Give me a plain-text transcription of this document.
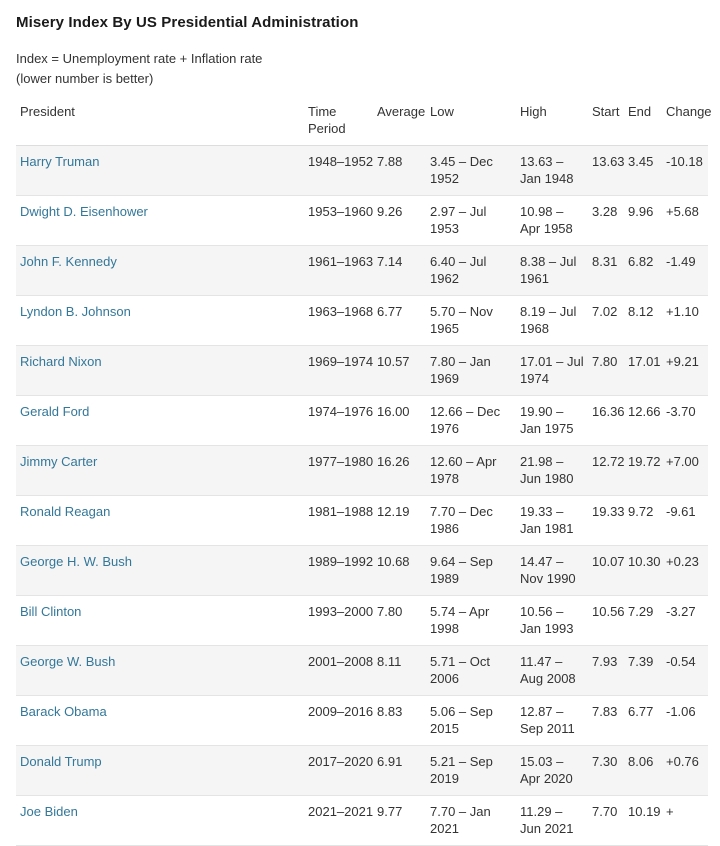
Misery Index By US Presidential Administration
Index = Unemployment rate + Inflation rate
(lower number is better)
President	Time Period	Average	Low	High	Start	End	Change
Harry Truman	1948–1952	7.88	3.45 – Dec 1952	13.63 – Jan 1948	13.63	3.45	-10.18
Dwight D. Eisenhower	1953–1960	9.26	2.97 – Jul 1953	10.98 – Apr 1958	3.28	9.96	+5.68
John F. Kennedy	1961–1963	7.14	6.40 – Jul 1962	8.38 – Jul 1961	8.31	6.82	-1.49
Lyndon B. Johnson	1963–1968	6.77	5.70 – Nov 1965	8.19 – Jul 1968	7.02	8.12	+1.10
Richard Nixon	1969–1974	10.57	7.80 – Jan 1969	17.01 – Jul 1974	7.80	17.01	+9.21
Gerald Ford	1974–1976	16.00	12.66 – Dec 1976	19.90 – Jan 1975	16.36	12.66	-3.70
Jimmy Carter	1977–1980	16.26	12.60 – Apr 1978	21.98 – Jun 1980	12.72	19.72	+7.00
Ronald Reagan	1981–1988	12.19	7.70 – Dec 1986	19.33 – Jan 1981	19.33	9.72	-9.61
George H. W. Bush	1989–1992	10.68	9.64 – Sep 1989	14.47 – Nov 1990	10.07	10.30	+0.23
Bill Clinton	1993–2000	7.80	5.74 – Apr 1998	10.56 – Jan 1993	10.56	7.29	-3.27
George W. Bush	2001–2008	8.11	5.71 – Oct 2006	11.47 – Aug 2008	7.93	7.39	-0.54
Barack Obama	2009–2016	8.83	5.06 – Sep 2015	12.87 – Sep 2011	7.83	6.77	-1.06
Donald Trump	2017–2020	6.91	5.21 – Sep 2019	15.03 – Apr 2020	7.30	8.06	+0.76
Joe Biden	2021–2021	9.77	7.70 – Jan 2021	11.29 – Jun 2021	7.70	10.19	+
